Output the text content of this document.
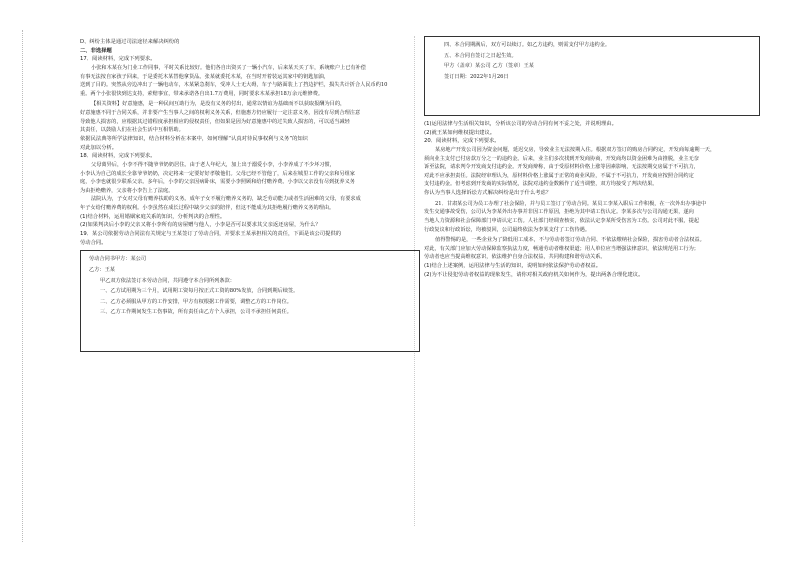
D、纠纷主体是通过司法途径来解决纠纷的

二、非选择题

17．阅读材料，完成下列要求。

小张和木某在为门业工作同事，平时关系比较好。他们各自出资买了一辆小汽车，后来某天买了车，系统账户上已有补偿

有事无法按自家孩子回来，于是委托木某替他拿货品。张某就委托木某，在当时开着装运其家中的钥匙加油，

送到了目的。突然从旁边冲出了一辆电动车，木某紧急刹车，受冲人士无大碍，车子与路面装上了挡边护栏，损失共计折合人民币约10

重。两个小张很快到达支持，索赔事宜，带来承诺各自出1.7万费用，同时要求木某承担18万余元维修费。

【相关资料】好意施惠，是一种民间互助行为，是没有义务的付出，通常以情谊为基础而不以获取报酬为目的，

好意施惠不同于合同关系，并非要产生当事人之间的权利义务关系，但施惠方仍应履行一定注意义务，因没有尽到合理注意

导致他人损害的，应根据其过错程度承担相应的侵权责任，但如果是因为好意施惠中的过失致人损害的，可以适当减轻

其责任，以鼓励人们在社会生活中互相帮助。

依据民法典等所学法律知识，结合材料分析在本案中，如何理解“认真对待民事权利与义务”的知识

对此加以分析。

18．阅读材料，完成下列要求。

父母离异后，小李不得不随爷爷奶奶居住。由于老人年纪大，加上出于溺爱小李，小李养成了不少坏习惯，

小李认为自己的成长全靠爷爷奶奶，决定将来一定要好好孝敬他们。父母已经不管他了，后来在城里工作的父亲和另组家

庭，小李也就很少联系父亲。多年后，小李的父亲因病卧床，需要小李照顾和给付赡养费。小李以父亲没有尽到抚养义务

为由拒绝赡养，父亲将小李告上了法庭。

法院认为，子女对父母有赡养扶助的义务。成年子女不履行赡养义务的，缺乏劳动能力或者生活困难的父母，有要求成

年子女给付赡养费的权利。小李虽然在成长过程中缺少父亲的陪伴，但这不能成为其拒绝履行赡养义务的理由。

(1)结合材料，运用婚姻家庭关系的知识，分析判决的合理性。

(2)如果判决后小李的父亲又将小李所有的房屋赠与他人，小李是否可以要求其父亲返还房屋，为什么？

19．某公司依据劳动合同法有关规定与王某签订了劳动合同，并要求王某承担相关的责任，下面是该公司提供的

劳动合同。

劳动合同书甲方：某公司

乙方：王某

甲乙双方依法签订本劳动合同，共同遵守本合同所列条款：

一、乙方试用期为三个月，试用期工资每月按正式工资的80%发放，合同到期后续签。

二、乙方必须服从甲方的工作安排，甲方有权根据工作需要，调整乙方的工作岗位。

三、乙方工作期间发生工伤事故，所有责任由乙方个人承担，公司不承担任何责任。

四、本合同期满后，双方可以续订。如乙方违约，则需支付甲方违约金。

五、本合同自签订之日起生效。

甲方（盖章）某公司 乙方（签章）王某

签订日期：2022年1月26日

(1)运用法律与生活相关知识，分析该公司的劳动合同有何不妥之处，并说明理由。

(2)就王某如何维权提出建议。

20．阅读材料，完成下列要求。

某房地产开发公司因为资金问题，延迟交房，导致业主无法按期入住。根据双方签订的购房合同约定，开发商每逾期一天，

须向业主支付已付房款万分之一的违约金。后来，业主们多次找到开发商协商，开发商均以资金困难为由推脱，业主无奈

诉至法院，请求判令开发商支付违约金。开发商辩称，由于受原材料价格上涨等因素影响，无法按期交房属于不可抗力，

对此不应承担责任。法院经审理认为，原材料价格上涨属于正常的商业风险，不属于不可抗力，开发商应按照合同约定

支付违约金。但考虑到开发商的实际情况，法院对违约金数额作了适当调整，双方均接受了判决结果。

你认为当事人选择诉讼方式解决纠纷是出于什么考虑？

21．甘肃某公司为员工办理了社会保险，并与员工签订了劳动合同。某员工李某入职后工作积极，在一次外出办事途中

发生交通事故受伤，公司认为李某外出办事并非因工作原因，拒绝为其申请工伤认定。李某多次与公司沟通无果，遂向

当地人力资源和社会保障部门申请认定工伤。人社部门经调查核实，依法认定李某所受伤害为工伤。公司对此不服，提起

行政复议和行政诉讼，均被驳回，公司最终依法为李某支付了工伤待遇。

值得警惕的是，一些企业为了降低用工成本，不与劳动者签订劳动合同、不依法缴纳社会保险，损害劳动者合法权益。

对此，有关部门应加大劳动保障监察执法力度，畅通劳动者维权渠道；用人单位应当增强法律意识，依法规范用工行为；

劳动者也应当提高维权意识，依法维护自身合法权益，共同构建和谐劳动关系。

(1)结合上述案例，运用法律与生活的知识，说明如何依法保护劳动者权益。

(2)为不让侵犯劳动者权益的现象发生，请你对相关政府机关如何作为，提出两条合理化建议。
